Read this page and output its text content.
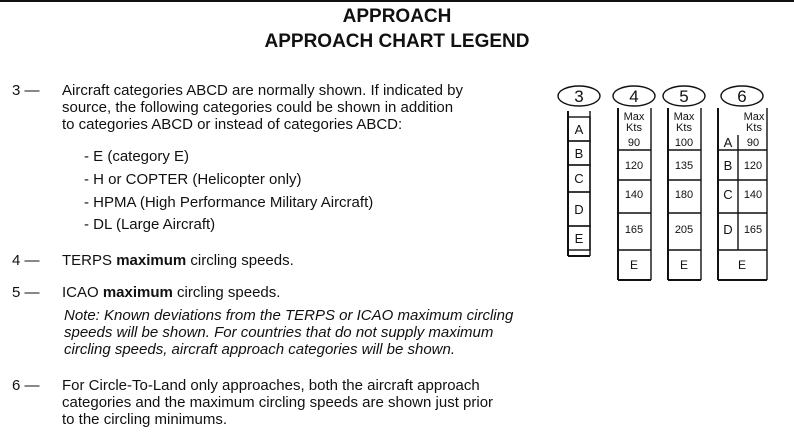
APPROACH
APPROACH CHART LEGEND
3 — Aircraft categories ABCD are normally shown. If indicated by
source, the following categories could be shown in addition
to categories ABCD or instead of categories ABCD:
- E (category E)
- H or COPTER (Helicopter only)
- HPMA (High Performance Military Aircraft)
- DL (Large Aircraft)
4 — TERPS maximum circling speeds.
5 — ICAO maximum circling speeds.
Note: Known deviations from the TERPS or ICAO maximum circling
speeds will be shown. For countries that do not supply maximum
circling speeds, aircraft approach categories will be shown.
6 — For Circle-To-Land only approaches, both the aircraft approach
categories and the maximum circling speeds are shown just prior
to the circling minimums.
3	4 5	6
A
B
C
D
E
Max
Kts
90
120
140
165
E
Max
Kts
100
135
180
205
E
Max
Kts
A
B
C
D
90
120
140
165
E
